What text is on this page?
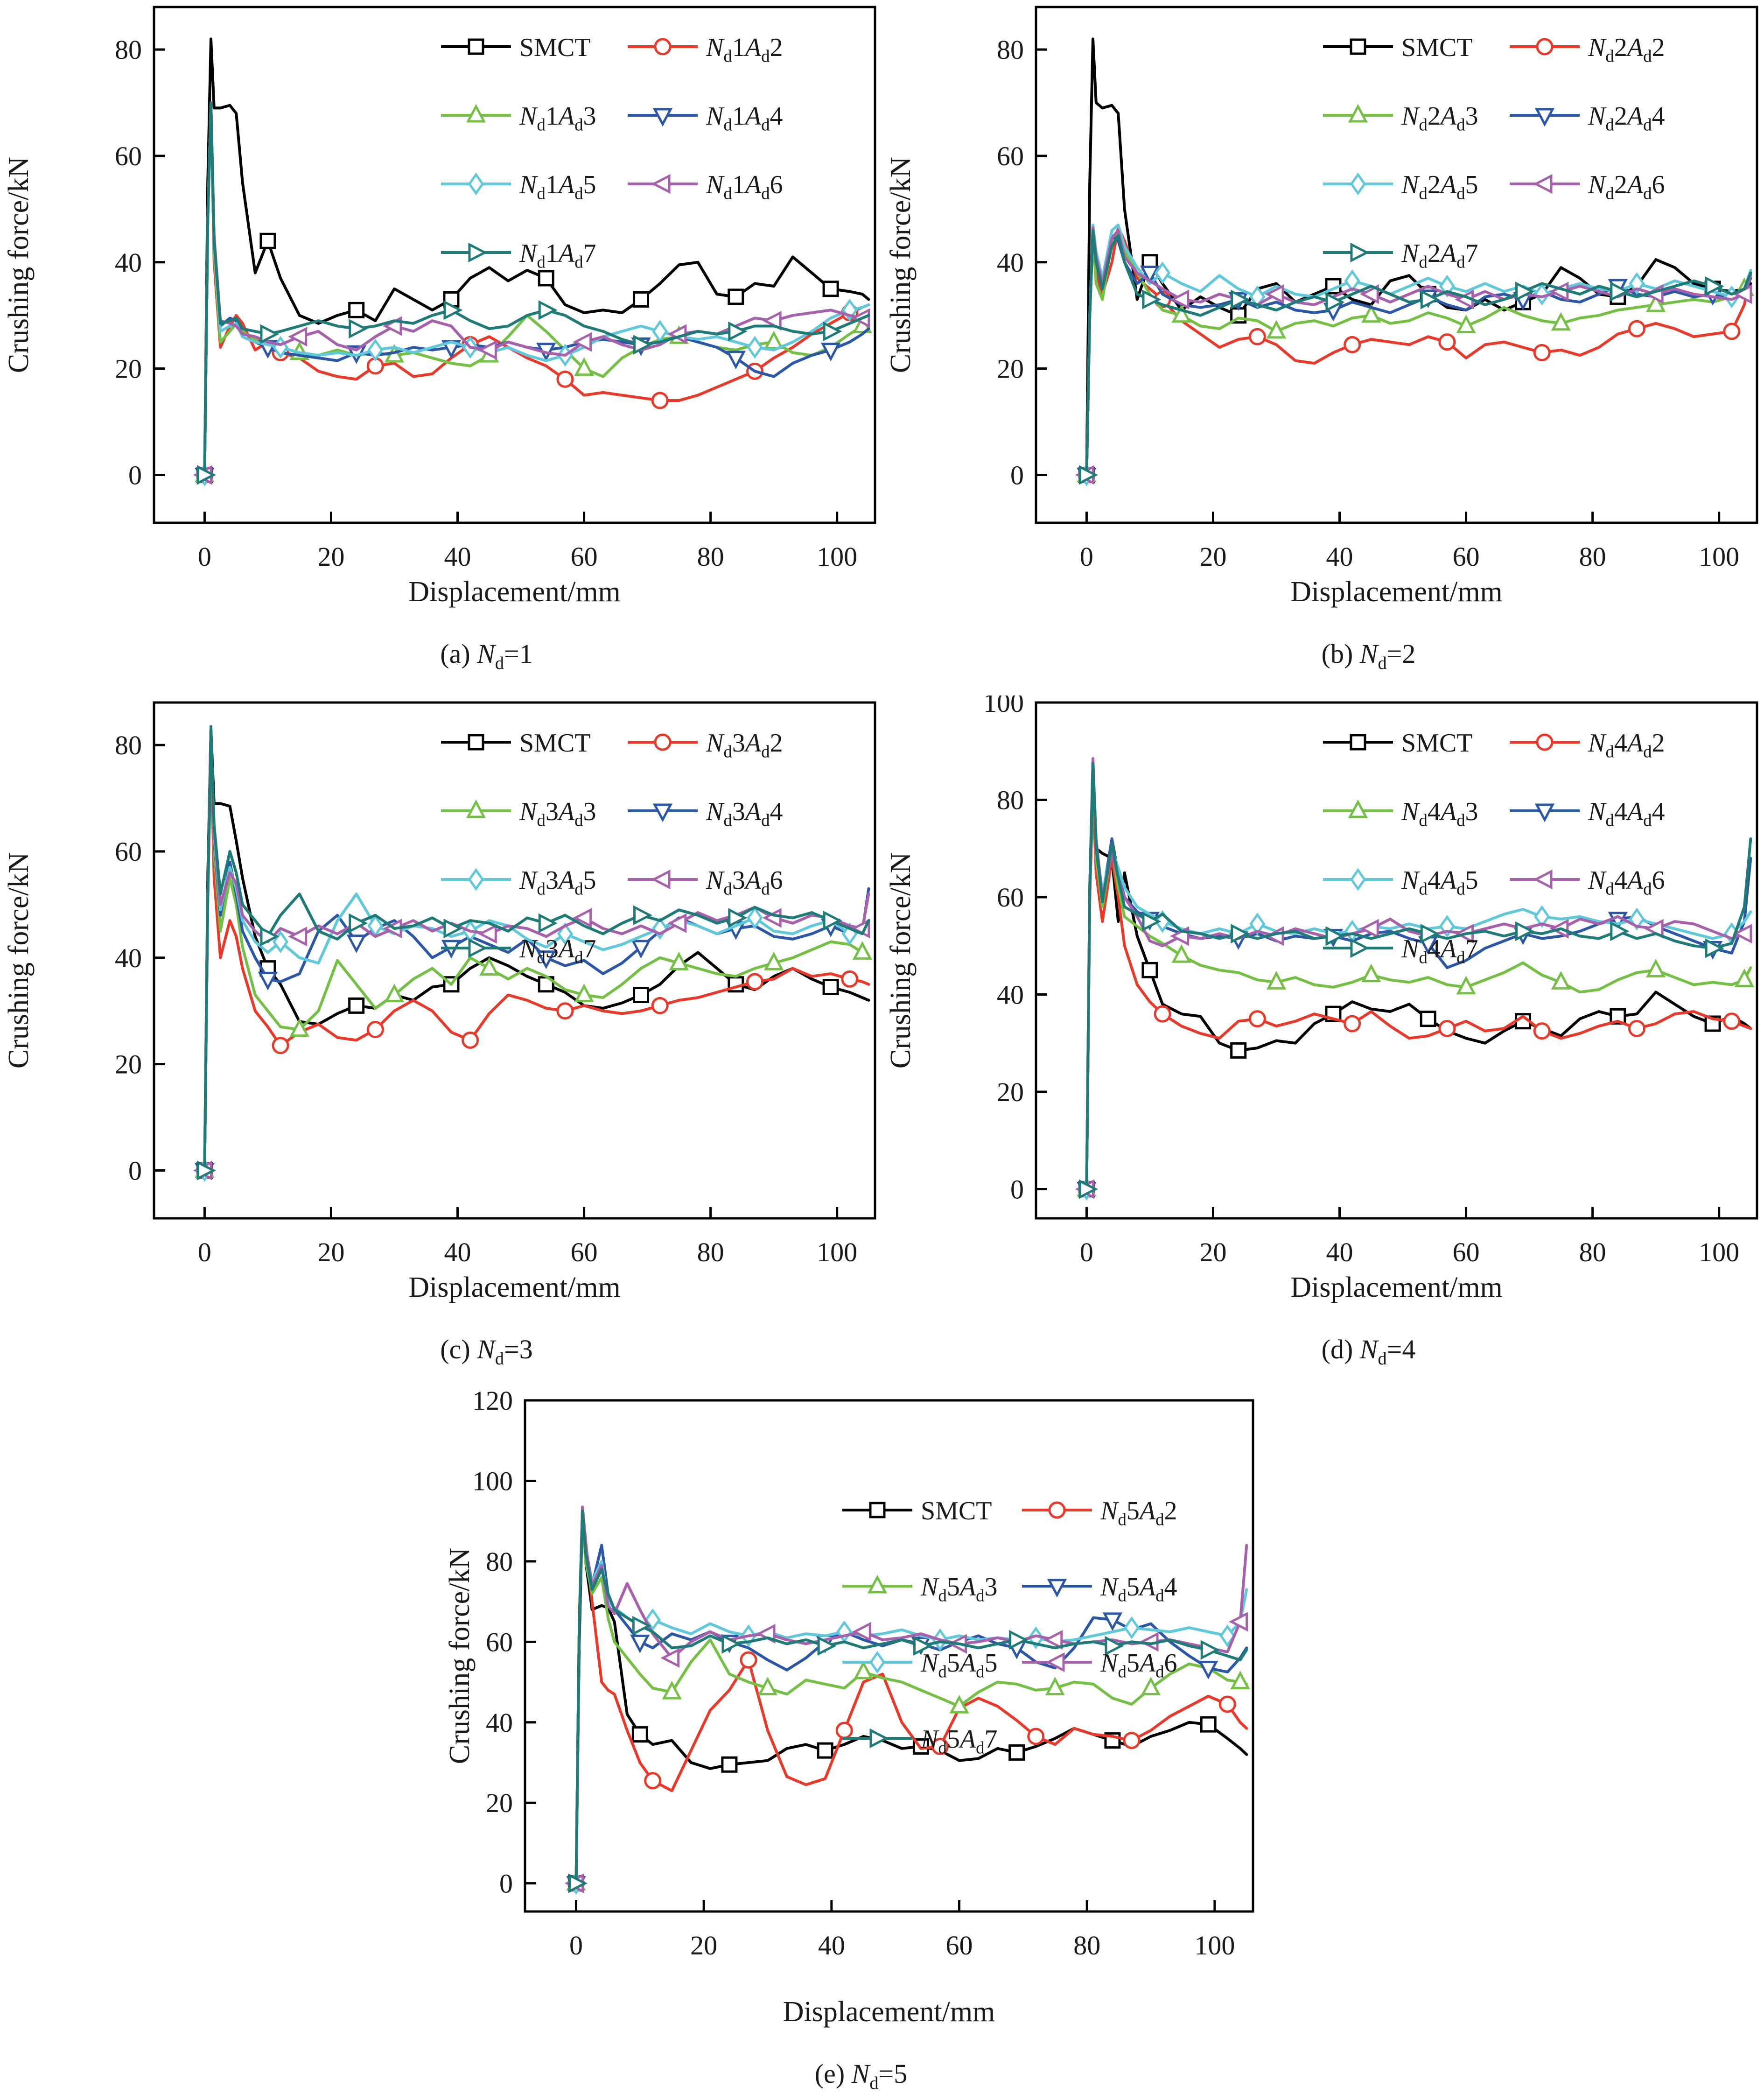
0	20	40	60	80	100
0
20
40
60
80
Displacement/mm
Crushing force/kN
(a) $N_d=1$
SMCT	$N_d1A_d2$
$N_d1A_d3$	$N_d1A_d4$
$N_d1A_d5$	$N_d1A_d6$
$N_d1A_d7$
0	20	40	60	80	100
0
20
40
60
80
Displacement/mm
Crushing force/kN
(b) $N_d=2$
SMCT	$N_d2A_d2$
$N_d2A_d3$	$N_d2A_d4$
$N_d2A_d5$	$N_d2A_d6$
$N_d2A_d7$
0	20	40	60	80	100
0
20
40
60
80
Displacement/mm
Crushing force/kN
(c) $N_d=3$
SMCT	$N_d3A_d2$
$N_d3A_d3$	$N_d3A_d4$
$N_d3A_d5$	$N_d3A_d6$
$N_d3A_d7$
0	20	40	60	80	100
0
20
40
60
80
100
Displacement/mm
Crushing force/kN
(d) $N_d=4$
SMCT	$N_d4A_d2$
$N_d4A_d3$	$N_d4A_d4$
$N_d4A_d5$	$N_d4A_d6$
$N_d4A_d7$
0	20	40	60	80	100
0
20
40
60
80
100
120
Displacement/mm
Crushing force/kN
(e) $N_d=5$
SMCT	$N_d5A_d2$
$N_d5A_d3$	$N_d5A_d4$
$N_d5A_d5$	$N_d5A_d6$
$N_d5A_d7$
